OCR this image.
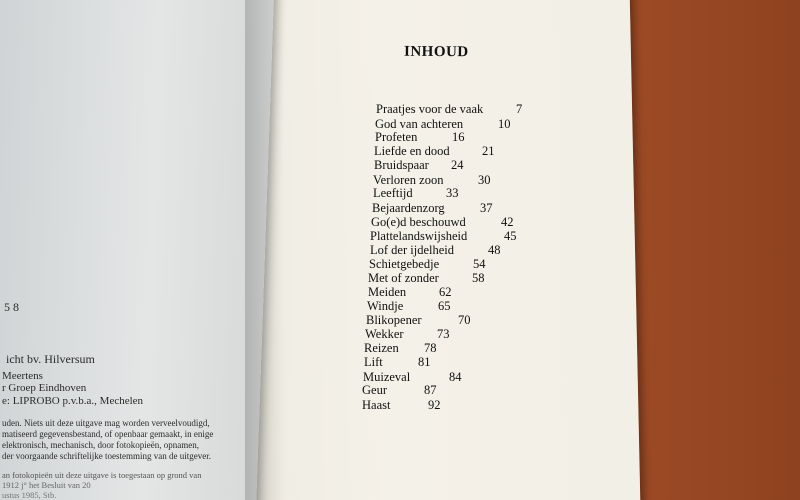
5 8
icht bv. Hilversum
Meertens
r Groep Eindhoven
e: LIPROBO p.v.b.a., Mechelen
uden. Niets uit deze uitgave mag worden verveelvoudigd,
matiseerd gegevensbestand, of openbaar gemaakt, in enige
elektronisch, mechanisch, door fotokopieën, opnamen,
der voorgaande schriftelijke toestemming van de uitgever.
an fotokopieën uit deze uitgave is toegestaan op grond van
1912 j° het Besluit van 20
ustus 1985, Stb.
INHOUD
Praatjes voor de vaak	7
God van achteren	10
Profeten	16
Liefde en dood	21
Bruidspaar 24
Verloren zoon	30
Leeftijd	33
Bejaardenzorg	37
Go(e)d beschouwd	42
Plattelandswijsheid	45
Lof der ijdelheid	48
Schietgebedje	54
Met of zonder	58
Meiden	62
Windje	65
Blikopener	70
Wekker	73
Reizen 78
Lift	81
Muizeval	84
Geur	87
Haast	92
